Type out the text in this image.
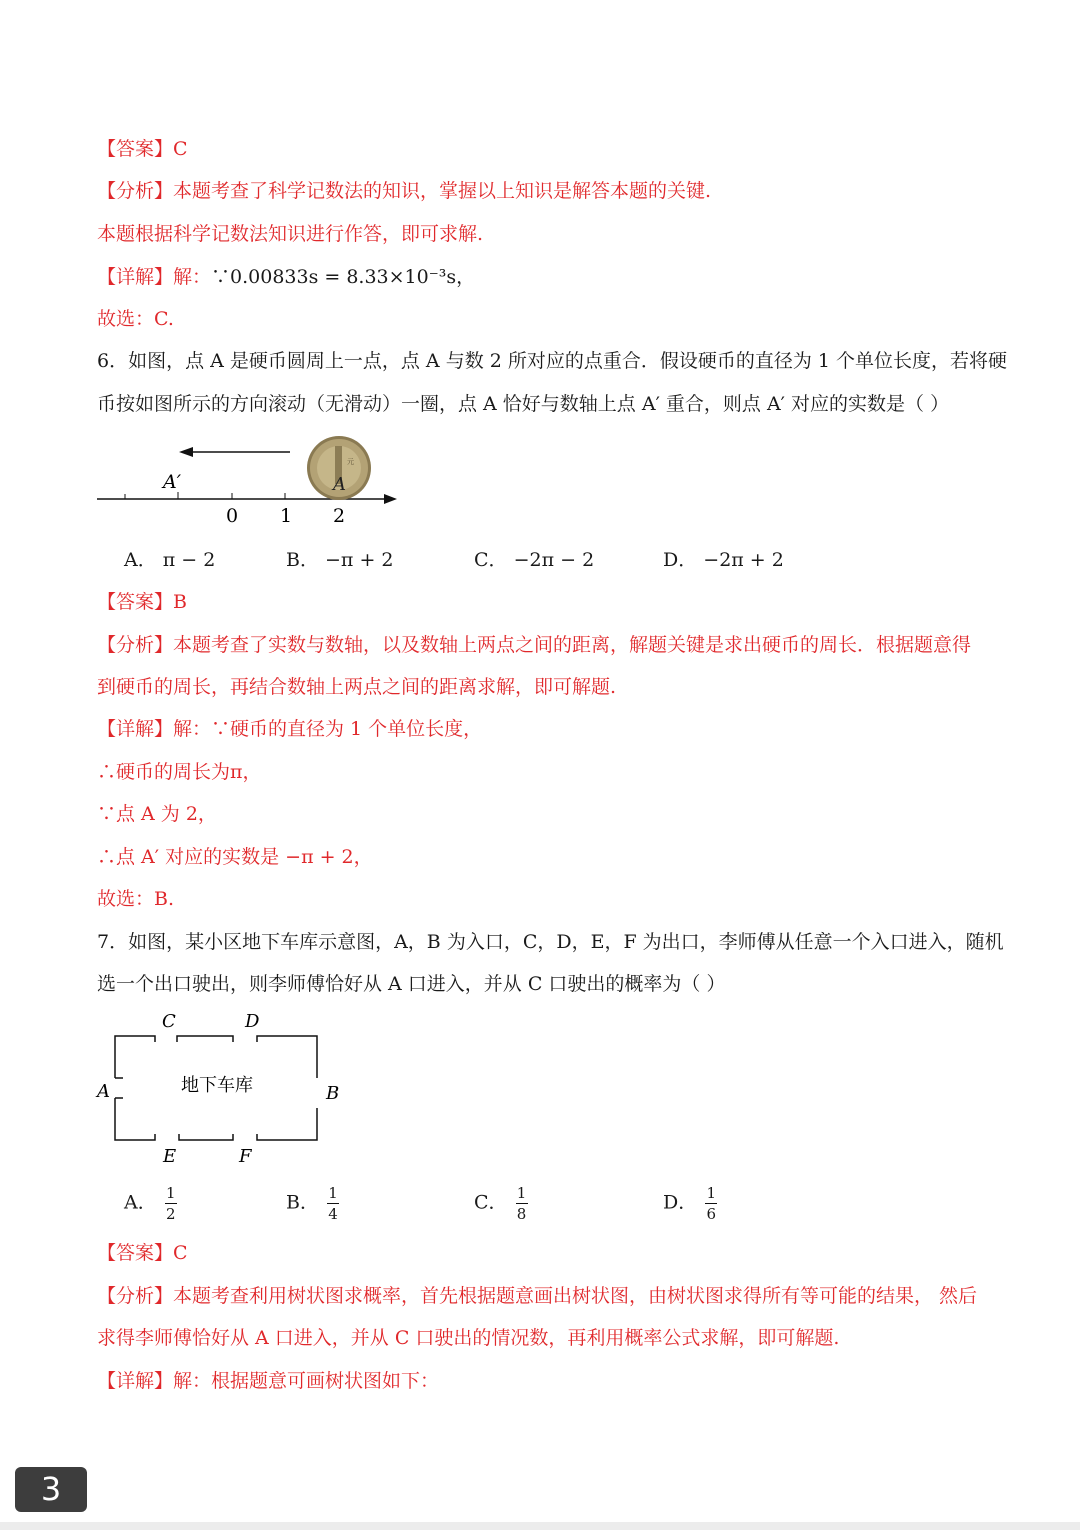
【答案】C
【分析】本题考查了科学记数法的知识，掌握以上知识是解答本题的关键.
本题根据科学记数法知识进行作答，即可求解.
【详解】解：∵0.00833s = 8.33×10⁻³s，
故选：C.
6．如图，点 A 是硬币圆周上一点，点 A 与数 2 所对应的点重合．假设硬币的直径为 1 个单位长度，若将硬
币按如图所示的方向滚动（无滑动）一圈，点 A 恰好与数轴上点 A′ 重合，则点 A′ 对应的实数是（ ）
元
A′	A
0 1 2
A． π − 2	B． −π + 2	C． −2π − 2	D． −2π + 2
【答案】B
【分析】本题考查了实数与数轴，以及数轴上两点之间的距离，解题关键是求出硬币的周长．根据题意得
到硬币的周长，再结合数轴上两点之间的距离求解，即可解题.
【详解】解：∵硬币的直径为 1 个单位长度，
∴硬币的周长为π，
∵点 A 为 2，
∴点 A′ 对应的实数是 −π + 2，
故选：B.
7．如图，某小区地下车库示意图，A，B 为入口，C，D，E，F 为出口，李师傅从任意一个入口进入，随机
选一个出口驶出，则李师傅恰好从 A 口进入，并从 C 口驶出的概率为（ ）
地下车库
A	B
C	D
E	F
A． $\frac{1}{2}$	B． $\frac{1}{4}$	C． $\frac{1}{8}$	D． $\frac{1}{6}$
【答案】C
【分析】本题考查利用树状图求概率，首先根据题意画出树状图，由树状图求得所有等可能的结果， 然后
求得李师傅恰好从 A 口进入，并从 C 口驶出的情况数，再利用概率公式求解，即可解题.
【详解】解：根据题意可画树状图如下：
3
